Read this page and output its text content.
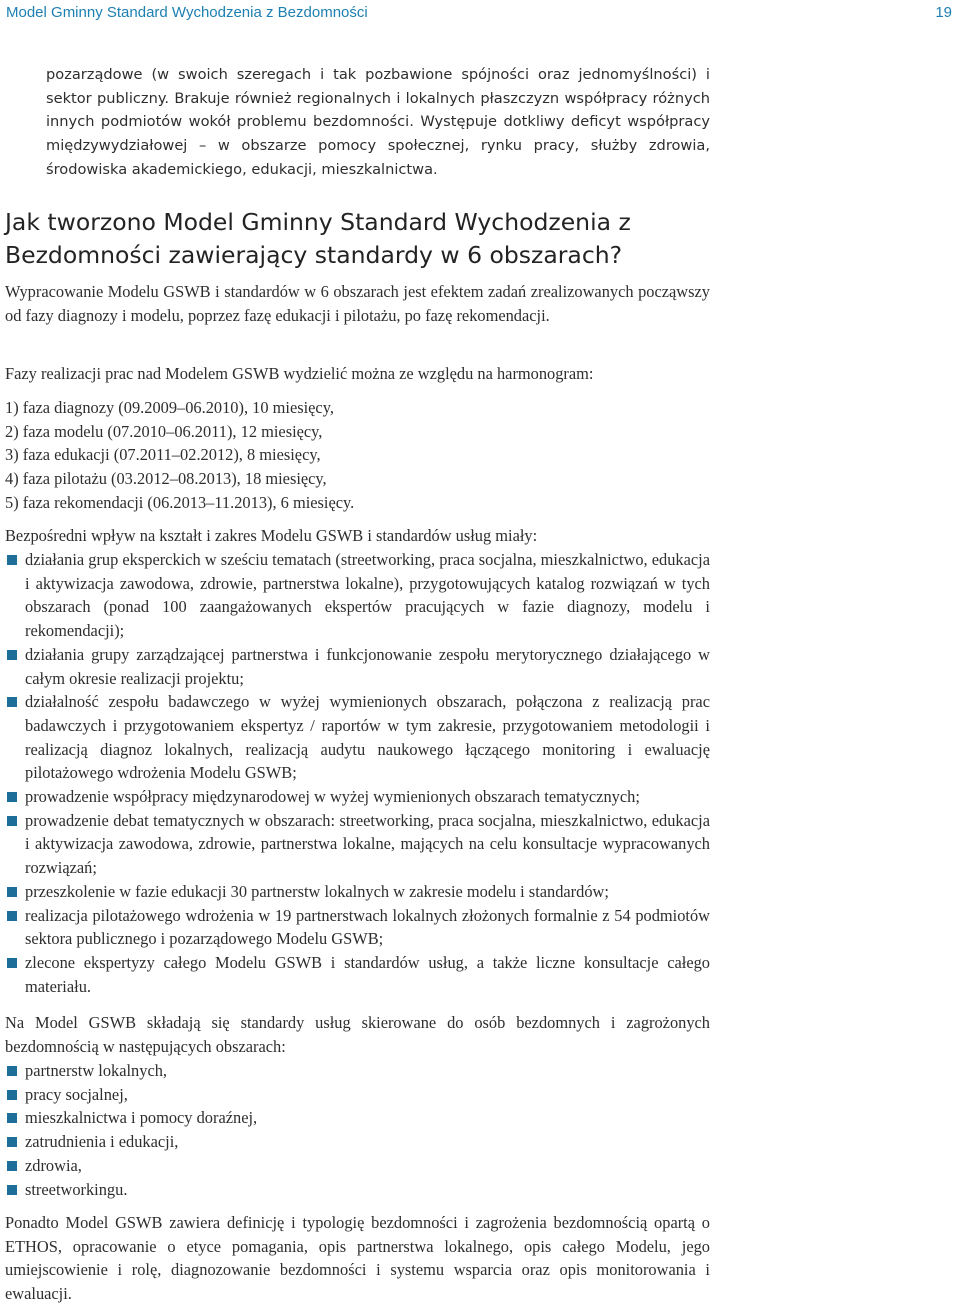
Model Gminny Standard Wychodzenia z Bezdomności	19

pozarządowe (w swoich szeregach i tak pozbawione spójności oraz jednomyślności) i sektor publiczny. Brakuje również regionalnych i lokalnych płaszczyzn współpracy różnych innych podmiotów wokół problemu bezdomności. Występuje dotkliwy deficyt współpracy międzywydziałowej – w obszarze pomocy społecznej, rynku pracy, służby zdrowia, środowiska akademickiego, edukacji, mieszkalnictwa.

Jak tworzono Model Gminny Standard Wychodzenia z Bezdomności zawierający standardy w 6 obszarach?

Wypracowanie Modelu GSWB i standardów w 6 obszarach jest efektem zadań zrealizowanych począwszy od fazy diagnozy i modelu, poprzez fazę edukacji i pilotażu, po fazę rekomendacji.

Fazy realizacji prac nad Modelem GSWB wydzielić można ze względu na harmonogram:

1) faza diagnozy (09.2009–06.2010), 10 miesięcy,
2) faza modelu (07.2010–06.2011), 12 miesięcy,
3) faza edukacji (07.2011–02.2012), 8 miesięcy,
4) faza pilotażu (03.2012–08.2013), 18 miesięcy,
5) faza rekomendacji (06.2013–11.2013), 6 miesięcy.

Bezpośredni wpływ na kształt i zakres Modelu GSWB i standardów usług miały:

działania grup eksperckich w sześciu tematach (streetworking, praca socjalna, mieszkalnictwo, edukacja i aktywizacja zawodowa, zdrowie, partnerstwa lokalne), przygotowujących katalog rozwiązań w tych obszarach (ponad 100 zaangażowanych ekspertów pracujących w fazie diagnozy, modelu i rekomendacji);
działania grupy zarządzającej partnerstwa i funkcjonowanie zespołu merytorycznego działającego w całym okresie realizacji projektu;
działalność zespołu badawczego w wyżej wymienionych obszarach, połączona z realizacją prac badawczych i przygotowaniem ekspertyz / raportów w tym zakresie, przygotowaniem metodologii i realizacją diagnoz lokalnych, realizacją audytu naukowego łączącego monitoring i ewaluację pilotażowego wdrożenia Modelu GSWB;
prowadzenie współpracy międzynarodowej w wyżej wymienionych obszarach tematycznych;
prowadzenie debat tematycznych w obszarach: streetworking, praca socjalna, mieszkalnictwo, edukacja i aktywizacja zawodowa, zdrowie, partnerstwa lokalne, mających na celu konsultacje wypracowanych rozwiązań;
przeszkolenie w fazie edukacji 30 partnerstw lokalnych w zakresie modelu i standardów;
realizacja pilotażowego wdrożenia w 19 partnerstwach lokalnych złożonych formalnie z 54 podmiotów sektora publicznego i pozarządowego Modelu GSWB;
zlecone ekspertyzy całego Modelu GSWB i standardów usług, a także liczne konsultacje całego materiału.

Na Model GSWB składają się standardy usług skierowane do osób bezdomnych i zagrożonych bezdomnością w następujących obszarach:

partnerstw lokalnych,
pracy socjalnej,
mieszkalnictwa i pomocy doraźnej,
zatrudnienia i edukacji,
zdrowia,
streetworkingu.

Ponadto Model GSWB zawiera definicję i typologię bezdomności i zagrożenia bezdomnością opartą o ETHOS, opracowanie o etyce pomagania, opis partnerstwa lokalnego, opis całego Modelu, jego umiejscowienie i rolę, diagnozowanie bezdomności i systemu wsparcia oraz opis monitorowania i ewaluacji.
